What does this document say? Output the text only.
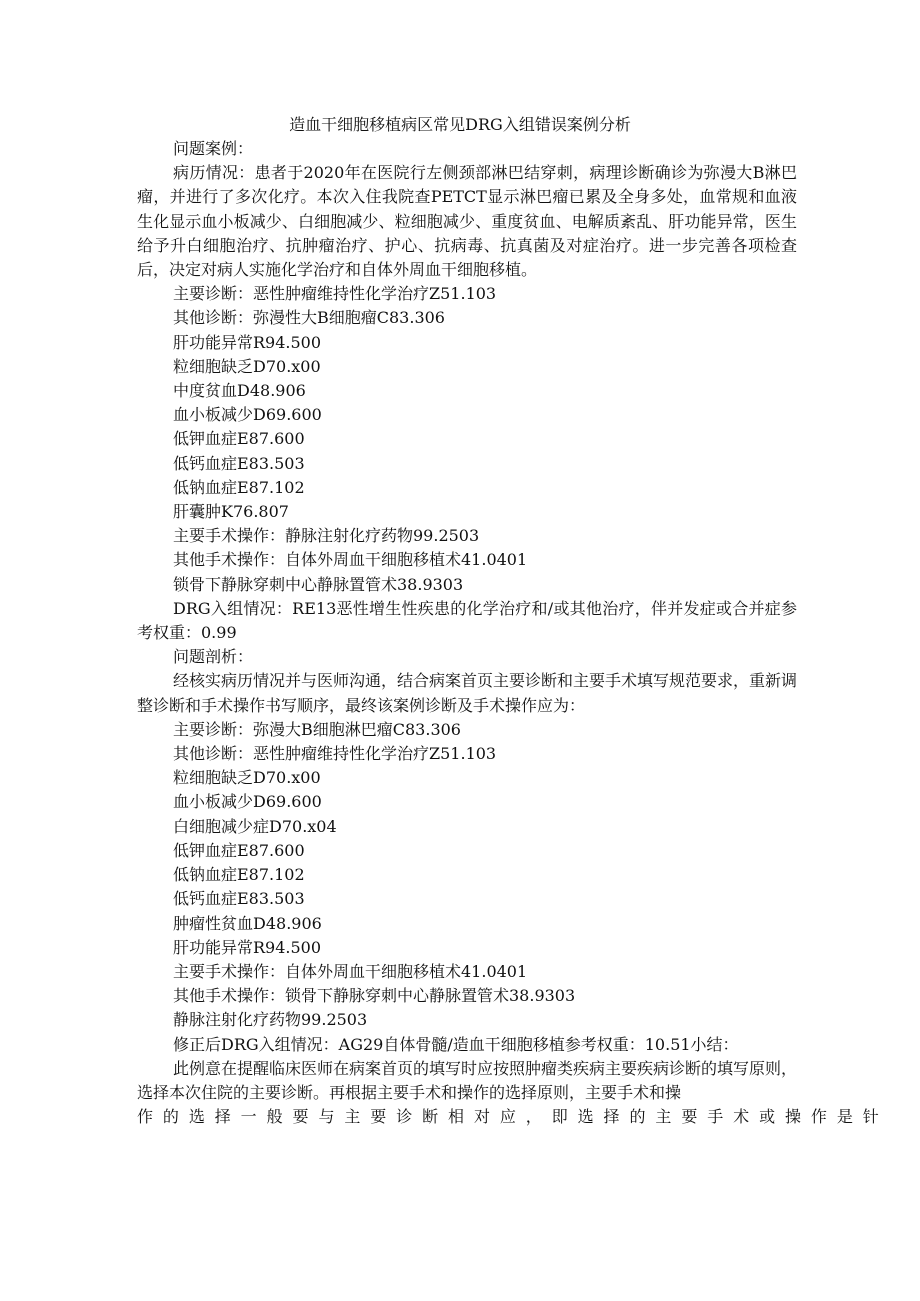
造血干细胞移植病区常见DRG入组错误案例分析

问题案例：

病历情况：患者于2020年在医院行左侧颈部淋巴结穿刺，病理诊断确诊为弥漫大B淋巴瘤，并进行了多次化疗。本次入住我院查PETCT显示淋巴瘤已累及全身多处，血常规和血液生化显示血小板减少、白细胞减少、粒细胞减少、重度贫血、电解质紊乱、肝功能异常，医生给予升白细胞治疗、抗肿瘤治疗、护心、抗病毒、抗真菌及对症治疗。进一步完善各项检查后，决定对病人实施化学治疗和自体外周血干细胞移植。

主要诊断：恶性肿瘤维持性化学治疗Z51.103

其他诊断：弥漫性大B细胞瘤C83.306

肝功能异常R94.500

粒细胞缺乏D70.x00

中度贫血D48.906

血小板减少D69.600

低钾血症E87.600

低钙血症E83.503

低钠血症E87.102

肝囊肿K76.807

主要手术操作：静脉注射化疗药物99.2503

其他手术操作：自体外周血干细胞移植术41.0401

锁骨下静脉穿刺中心静脉置管术38.9303

DRG入组情况：RE13恶性增生性疾患的化学治疗和/或其他治疗，伴并发症或合并症参考权重：0.99

问题剖析：

经核实病历情况并与医师沟通，结合病案首页主要诊断和主要手术填写规范要求，重新调整诊断和手术操作书写顺序，最终该案例诊断及手术操作应为：

主要诊断：弥漫大B细胞淋巴瘤C83.306

其他诊断：恶性肿瘤维持性化学治疗Z51.103

粒细胞缺乏D70.x00

血小板减少D69.600

白细胞减少症D70.x04

低钾血症E87.600

低钠血症E87.102

低钙血症E83.503

肿瘤性贫血D48.906

肝功能异常R94.500

主要手术操作：自体外周血干细胞移植术41.0401

其他手术操作：锁骨下静脉穿刺中心静脉置管术38.9303

静脉注射化疗药物99.2503

修正后DRG入组情况：AG29自体骨髓/造血干细胞移植参考权重：10.51小结：

此例意在提醒临床医师在病案首页的填写时应按照肿瘤类疾病主要疾病诊断的填写原则，选择本次住院的主要诊断。再根据主要手术和操作的选择原则，主要手术和操

作的选择一般要与主要诊断相对应，即选择的主要手术或操作是针
